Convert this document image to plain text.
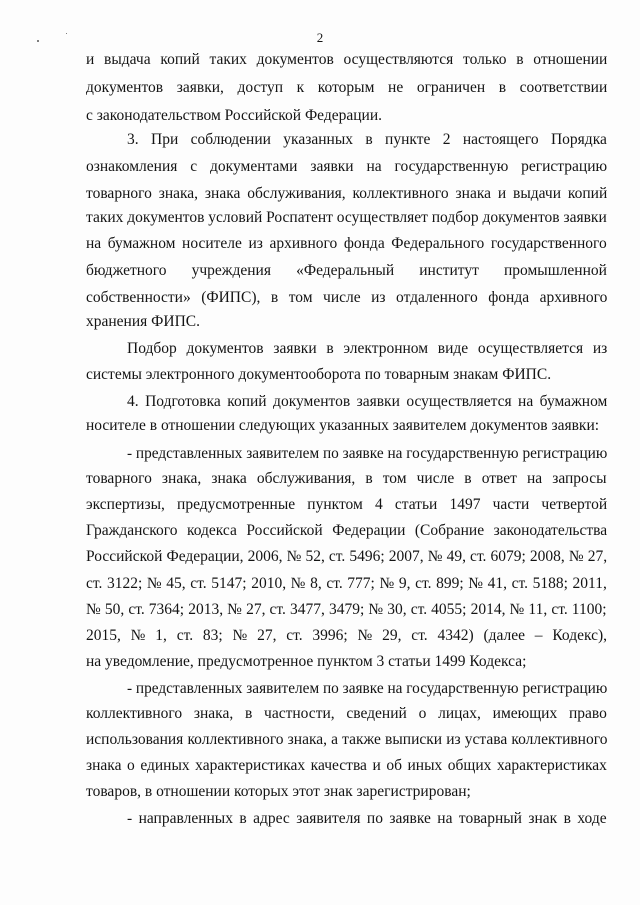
2
и выдача копий таких документов осуществляются только в отношении
документов заявки, доступ к которым не ограничен в соответствии
с законодательством Российской Федерации.
3. При соблюдении указанных в пункте 2 настоящего Порядка
ознакомления с документами заявки на государственную регистрацию
товарного знака, знака обслуживания, коллективного знака и выдачи копий
таких документов условий Роспатент осуществляет подбор документов заявки
на бумажном носителе из архивного фонда Федерального государственного
бюджетного учреждения «Федеральный институт промышленной
собственности» (ФИПС), в том числе из отдаленного фонда архивного
хранения ФИПС.
Подбор документов заявки в электронном виде осуществляется из
системы электронного документооборота по товарным знакам ФИПС.
4. Подготовка копий документов заявки осуществляется на бумажном
носителе в отношении следующих указанных заявителем документов заявки:
- представленных заявителем по заявке на государственную регистрацию
товарного знака, знака обслуживания, в том числе в ответ на запросы
экспертизы, предусмотренные пунктом 4 статьи 1497 части четвертой
Гражданского кодекса Российской Федерации (Собрание законодательства
Российской Федерации, 2006, № 52, ст. 5496; 2007, № 49, ст. 6079; 2008, № 27,
ст. 3122; № 45, ст. 5147; 2010, № 8, ст. 777; № 9, ст. 899; № 41, ст. 5188; 2011,
№ 50, ст. 7364; 2013, № 27, ст. 3477, 3479; № 30, ст. 4055; 2014, № 11, ст. 1100;
2015, № 1, ст. 83; № 27, ст. 3996; № 29, ст. 4342) (далее – Кодекс),
на уведомление, предусмотренное пунктом 3 статьи 1499 Кодекса;
- представленных заявителем по заявке на государственную регистрацию
коллективного знака, в частности, сведений о лицах, имеющих право
использования коллективного знака, а также выписки из устава коллективного
знака о единых характеристиках качества и об иных общих характеристиках
товаров, в отношении которых этот знак зарегистрирован;
- направленных в адрес заявителя по заявке на товарный знак в ходе
